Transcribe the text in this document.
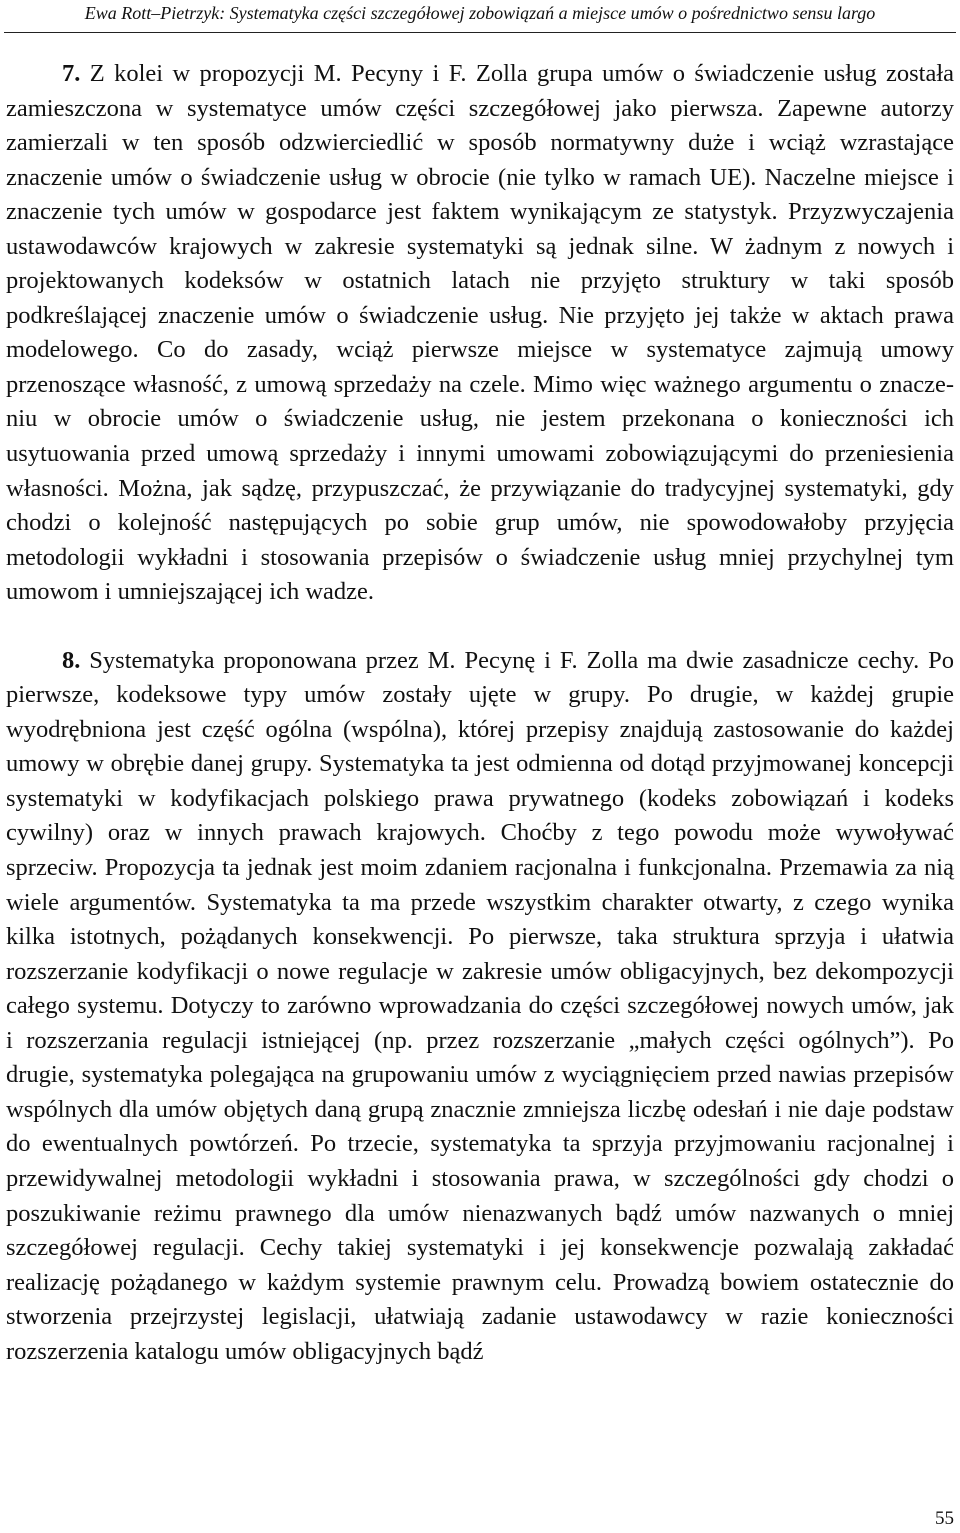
Ewa Rott–Pietrzyk: Systematyka części szczegółowej zobowiązań a miejsce umów o pośrednictwo sensu largo

7. Z kolei w propozycji M. Pecyny i F. Zolla grupa umów o świadczenie usług została zamieszczona w systematyce umów części szczegółowej jako pierwsza. Zapewne autorzy zamierzali w ten sposób odzwierciedlić w sposób normatywny duże i wciąż wzrastające znaczenie umów o świadczenie usług w obrocie (nie tylko w ramach UE). Naczelne miejsce i znaczenie tych umów w gospodarce jest faktem wynikającym ze statystyk. Przyzwyczajenia ustawodawców krajowych w zakresie systematyki są jednak silne. W żadnym z nowych i projektowanych kodeksów w ostatnich latach nie przyjęto struktury w taki sposób podkreślającej znaczenie umów o świadczenie usług. Nie przyjęto jej także w aktach prawa modelowego. Co do zasady, wciąż pierwsze miejsce w systematyce zajmują umowy przenoszące własność, z umową sprzedaży na czele. Mimo więc ważnego argumentu o znaczeniu w obrocie umów o świadczenie usług, nie jestem przekonana o konieczności ich usytuowania przed umową sprzedaży i innymi umowami zobowiązującymi do przeniesienia własności. Można, jak sądzę, przypuszczać, że przywiązanie do tradycyjnej systematyki, gdy chodzi o kolejność następujących po sobie grup umów, nie spowodowałoby przyjęcia metodologii wykładni i stosowania przepisów o świadczenie usług mniej przychylnej tym umowom i umniejszającej ich wadze.

8. Systematyka proponowana przez M. Pecynę i F. Zolla ma dwie zasadnicze cechy. Po pierwsze, kodeksowe typy umów zostały ujęte w grupy. Po drugie, w każdej grupie wyodrębniona jest część ogólna (wspólna), której przepisy znajdują zastosowanie do każdej umowy w obrębie danej grupy. Systematyka ta jest odmienna od dotąd przyjmowanej koncepcji systematyki w kodyfikacjach polskiego prawa prywatnego (kodeks zobowiązań i kodeks cywilny) oraz w innych prawach krajowych. Choćby z tego powodu może wywoływać sprzeciw. Propozycja ta jednak jest moim zdaniem racjonalna i funkcjonalna. Przemawia za nią wiele argumentów. Systematyka ta ma przede wszystkim charakter otwarty, z czego wynika kilka istotnych, pożądanych konsekwencji. Po pierwsze, taka struktura sprzyja i ułatwia rozszerzanie kodyfikacji o nowe regulacje w zakresie umów obligacyjnych, bez dekompozycji całego systemu. Dotyczy to zarówno wprowadzania do części szczegółowej nowych umów, jak i rozszerzania regulacji istniejącej (np. przez rozszerzanie „małych części ogólnych”). Po drugie, systematyka polegająca na grupowaniu umów z wyciągnięciem przed nawias przepisów wspólnych dla umów objętych daną grupą znacznie zmniejsza liczbę odesłań i nie daje podstaw do ewentualnych powtórzeń. Po trzecie, systematyka ta sprzyja przyjmowaniu racjonalnej i przewidywalnej metodologii wykładni i stosowania prawa, w szczególności gdy chodzi o poszukiwanie reżimu prawnego dla umów nienazwanych bądź umów nazwanych o mniej szczegółowej regulacji. Cechy takiej systematyki i jej konsekwencje pozwalają zakładać realizację pożądanego w każdym systemie prawnym celu. Prowadzą bowiem ostatecznie do stworzenia przejrzystej legislacji, ułatwiają zadanie ustawodawcy w razie konieczności rozszerzenia katalogu umów obligacyjnych bądź

55
